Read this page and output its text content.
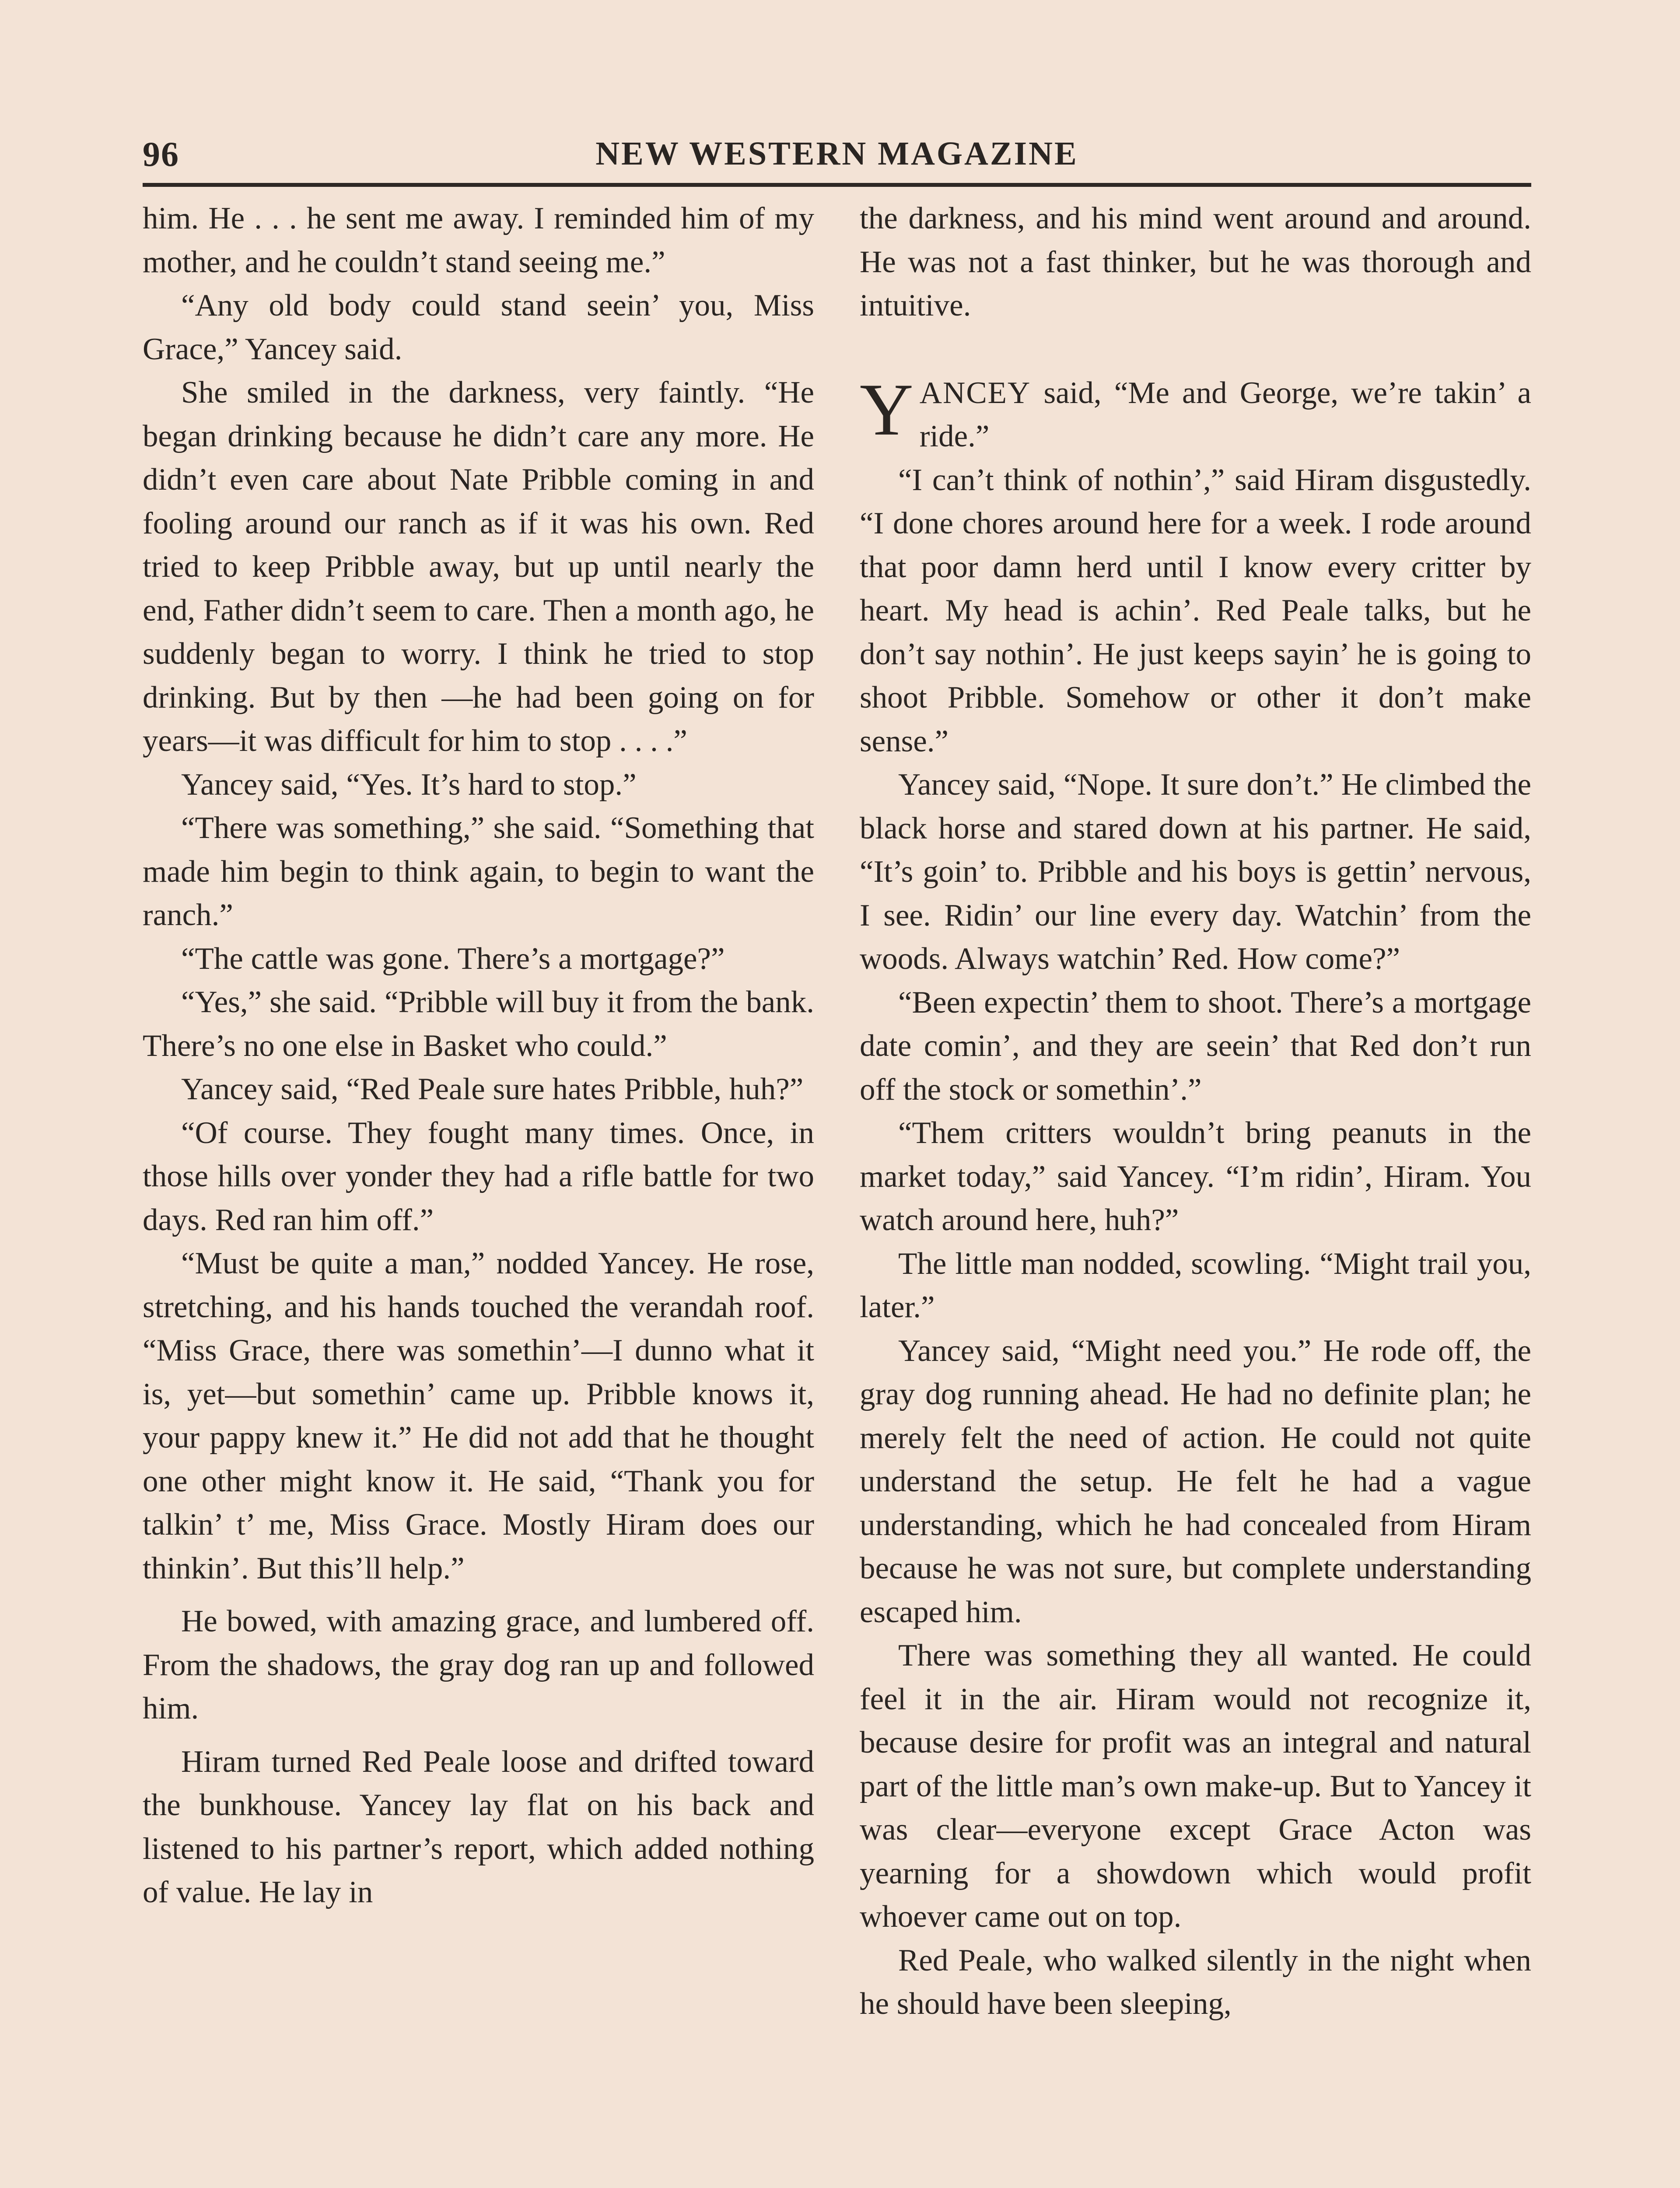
96	NEW WESTERN MAGAZINE

him. He . . . he sent me away. I reminded him of my mother, and he couldn’t stand seeing me.”

“Any old body could stand seein’ you, Miss Grace,” Yancey said.

She smiled in the darkness, very faintly. “He began drinking because he didn’t care any more. He didn’t even care about Nate Pribble coming in and fooling around our ranch as if it was his own. Red tried to keep Pribble away, but up until nearly the end, Father didn’t seem to care. Then a month ago, he suddenly began to worry. I think he tried to stop drinking. But by then —he had been going on for years—it was difficult for him to stop . . . .”

Yancey said, “Yes. It’s hard to stop.”

“There was something,” she said. “Something that made him begin to think again, to begin to want the ranch.”

“The cattle was gone. There’s a mortgage?”

“Yes,” she said. “Pribble will buy it from the bank. There’s no one else in Basket who could.”

Yancey said, “Red Peale sure hates Pribble, huh?”

“Of course. They fought many times. Once, in those hills over yonder they had a rifle battle for two days. Red ran him off.”

“Must be quite a man,” nodded Yancey. He rose, stretching, and his hands touched the verandah roof. “Miss Grace, there was somethin’—I dunno what it is, yet—but somethin’ came up. Pribble knows it, your pappy knew it.” He did not add that he thought one other might know it. He said, “Thank you for talkin’ t’ me, Miss Grace. Mostly Hiram does our thinkin’. But this’ll help.”

He bowed, with amazing grace, and lumbered off. From the shadows, the gray dog ran up and followed him.

Hiram turned Red Peale loose and drifted toward the bunkhouse. Yancey lay flat on his back and listened to his partner’s report, which added nothing of value. He lay in

the darkness, and his mind went around and around. He was not a fast thinker, but he was thorough and intuitive.

YANCEY said, “Me and George, we’re takin’ a ride.”

“I can’t think of nothin’,” said Hiram disgustedly. “I done chores around here for a week. I rode around that poor damn herd until I know every critter by heart. My head is achin’. Red Peale talks, but he don’t say nothin’. He just keeps sayin’ he is going to shoot Pribble. Somehow or other it don’t make sense.”

Yancey said, “Nope. It sure don’t.” He climbed the black horse and stared down at his partner. He said, “It’s goin’ to. Pribble and his boys is gettin’ nervous, I see. Ridin’ our line every day. Watchin’ from the woods. Always watchin’ Red. How come?”

“Been expectin’ them to shoot. There’s a mortgage date comin’, and they are seein’ that Red don’t run off the stock or somethin’.”

“Them critters wouldn’t bring peanuts in the market today,” said Yancey. “I’m ridin’, Hiram. You watch around here, huh?”

The little man nodded, scowling. “Might trail you, later.”

Yancey said, “Might need you.” He rode off, the gray dog running ahead. He had no definite plan; he merely felt the need of action. He could not quite understand the setup. He felt he had a vague understanding, which he had concealed from Hiram because he was not sure, but complete understanding escaped him.

There was something they all wanted. He could feel it in the air. Hiram would not recognize it, because desire for profit was an integral and natural part of the little man’s own make-up. But to Yancey it was clear—everyone except Grace Acton was yearning for a showdown which would profit whoever came out on top.

Red Peale, who walked silently in the night when he should have been sleeping,
